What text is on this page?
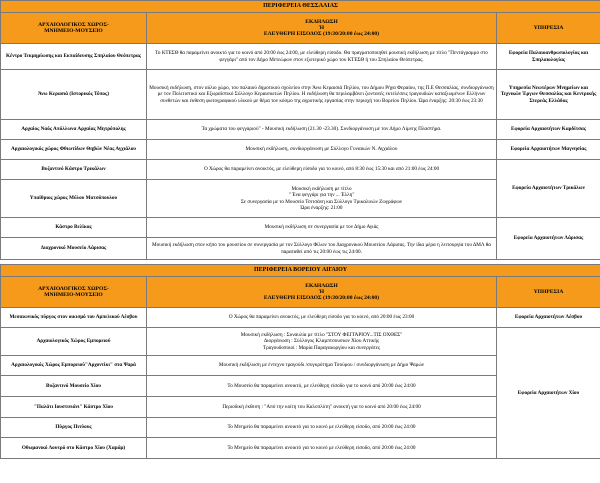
ΠΕΡΙΦΕΡΕΙΑ ΘΕΣΣΑΛΙΑΣ		
ΑΡΧΑΙΟΛΟΓΙΚΟΣ ΧΩΡΟΣ-
ΜΝΗΜΕΙΟ-ΜΟΥΣΕΙΟ	ΕΚΔΗΛΩΣΗ
Ή
ΕΛΕΥΘΕΡΗ ΕΙΣΟΔΟΣ (19:30/20:00 έως 24:00)	ΥΠΗΡΕΣΙΑ
Κέντρο Τεκμηρίωσης και Εκπαίδευσης Σπηλαίου Θεόπετρας	Το ΚΤΕΣΘ θα παραμείνει ανοικτό για το κοινό από 20:00 έως 24:00, με ελεύθερη είσοδο. Θα πραγματοποιηθεί μουσική εκδήλωση με τίτλο "Πεντάγραμμο στο φεγγάρι" από τον Δήμο Μετεώρων στον εξωτερικό χώρο του ΚΤΕΣΘ ή του Σπηλαίου Θεόπετρας.	Εφορεία Παλαιοανθρωπολογίας και Σπηλαιολογίας
Άνω Κερασιά (Ιστορικός Τόπος)	Μουσική εκδήλωση, στον αύλιο χώρο, του παλαιού δημοτικού σχολείου στην Άνω Κεραισιά Πηλίου, του Δήμου Ρήγα Φεραίου, της Π.Ε Θεσσαλίας, συνδιοργάνωση με τον Πολιτιστικό και Εξωραϊστικό Σύλλογο Κεραισιωτών Πηλίου. Η εκδήλωση θα περιλαμβάνει ζωντανές εκτελέσεις τραγουδιών καταξιωμένων Ελλήνων συνθετών και έκθεση φωτογραφικού υλικού με θέμα τον κόσμο της αγροτικής εργασίας στην περιοχή του Βορείου Πηλίου. Ώρα έναρξης: 20:30 έως 23:30	Υπηρεσία Νεωτέρων Μνημείων και Τεχνικών Έργων Θεσσαλίας και Κεντρικής Στερεάς Ελλάδας
Αρχαίος Ναός Απόλλωνα Αρχαίας Μητρόπολης	Τα χρώματα του φεγγαριού" - Μουσική εκδήλωση (21.30 -23.30). Συνδιοργάνωση με τον Δήμο Λίμνης Πλαστήρα.	Εφορεία Αρχαιοτήτων Καρδίτσας
Αρχαιολογικός χώρος Φθιωτίδων Θηβών Νέας Αγχιάλου	Μουσική εκδήλωση, συνδιοργάνωση με Σύλλογο Γυναικών Ν. Αγχιάλου	Εφορεία Αρχαιοτήτων Μαγνησίας
Βυζαντινό Κάστρο Τρικάλων	Ο Χώρος θα παραμείνει ανοικτός, με ελεύθερη είσοδο για το κοινό, από 8:30 έως 15:30 και από 21:00 έως 24:00	Εφορεία Αρχαιοτήτων Τρικάλων
Υπαίθριος χώρος Μύλου Ματσόπουλου	Μουσική εκδήλωση με τίτλο
" Ένα φεγγάρι για την ... Έλλη"
Σε συνεργασία με το Μουσείο Τσιτσάνη και Σύλλογο Τρικαλινών Ζωγράφων
Ώρα έναρξης: 21:00	
Κάστρο Βελίκας	Μουσική εκδήλωση σε συνεργασία με τον Δήμο Αγιάς	Εφορεία Αρχαιοτήτων Λάρισας
Διαχρονικό Μουσείο Λάρισας	Μουσική εκδήλωση στον κήπο του μουσείου σε συνεργασία με τον Σύλλογο Φίλων του Διαχρονικού Μουσείου Λάρισας. Την ίδια μέρα η λειτουργία του ΔΜΛ θα παραταθεί από τις 20:00 έως τις 24:00.	

ΠΕΡΙΦΕΡΕΙΑ ΒΟΡΕΙΟΥ ΑΙΓΑΙΟΥ		
ΑΡΧΑΙΟΛΟΓΙΚΟΣ ΧΩΡΟΣ-
ΜΝΗΜΕΙΟ-ΜΟΥΣΕΙΟ	ΕΚΔΗΛΩΣΗ
Ή
ΕΛΕΥΘΕΡΗ ΕΙΣΟΔΟΣ (19:30/20:00 έως 24:00)	ΥΠΗΡΕΣΙΑ
Μεσαιωνικός πύργος στον οικισμό του Αμπελικού Λέσβου	Ο Χώρος θα παραμείνει ανοικτός, με ελεύθερη είσοδο για το κοινό, από 20:00 έως 23:00	Εφορεία Αρχαιοτήτων Λέσβου
Αρχαιολογικός Χώρος Εμπορειού	Μουσική εκδήλωση : Συναυλία με τίτλο "ΣΤΟΥ ΦΕΓΓΑΡΙΟΥ...ΤΙΣ ΟΧΘΕΣ"
Διοργάνωση : Σύλλογος Κλαμπτσουσιων Χίου Αττικής
Τραγουδοποιοί : Μαρία Παραγαιωργίου και συνεργάτες	Εφορεία Αρχαιοτήτων Χίου
Αρχαιολογικός Χώρος Εμπορειού"Αρχοντίκι" στα Ψαρά	Μουσική εκδήλωση με έντεχνο τραγούδι /συγκρότημα Τσούρου / συνδιοργάνωση με Δήμο Ψαρών	
Βυζαντινό Μουσείο Χίου	Το Μουσείο θα παραμείνει ανοικτό, με ελεύθερη είσοδο για το κοινό από 20:00 έως 24:00	
"Παλάτι Ιουστινιάνι" Κάστρο Χίου	Περιοδική έκθεση : "Από την κοίτη του Καλοπλύτη" ανοικτή για το κοινό από 20:00 έως 24:00	
Πύργος Πιτύους	Το Μνημείο θα παραμείνει ανοικτό για το κοινό με ελεύθερη είσοδο, από 20:00 έως 24:00	
Οθωμανικό Λουτρό στο Κάστρο Χίου (Χαμάμ)	Το Μνημείο θα παραμείνει ανοικτό για το κοινό με ελεύθερη είσοδο, από 20:00 έως 24:00	
